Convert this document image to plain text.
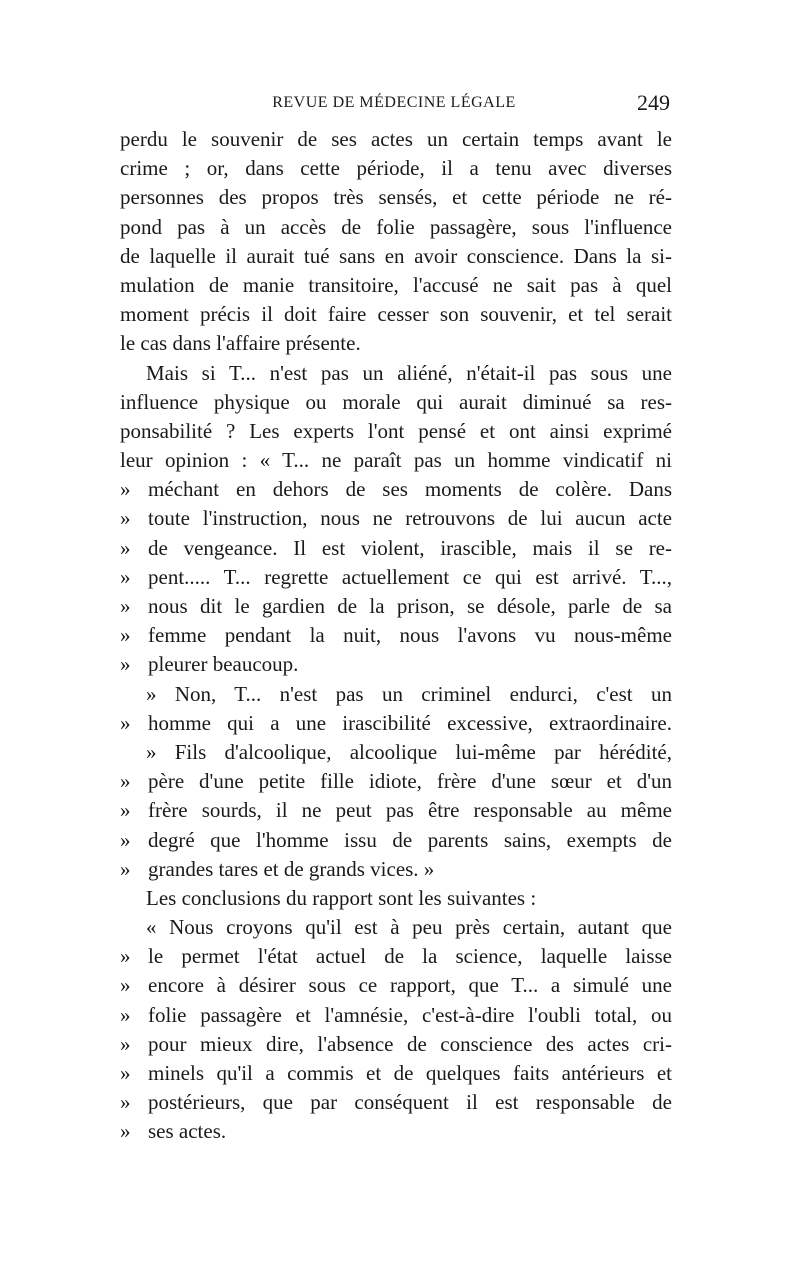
REVUE DE MÉDECINE LÉGALE	249
perdu le souvenir de ses actes un certain temps avant le
crime ; or, dans cette période, il a tenu avec diverses
personnes des propos très sensés, et cette période ne ré-
pond pas à un accès de folie passagère, sous l'influence
de laquelle il aurait tué sans en avoir conscience. Dans la si-
mulation de manie transitoire, l'accusé ne sait pas à quel
moment précis il doit faire cesser son souvenir, et tel serait
le cas dans l'affaire présente.
Mais si T... n'est pas un aliéné, n'était-il pas sous une
influence physique ou morale qui aurait diminué sa res-
ponsabilité ? Les experts l'ont pensé et ont ainsi exprimé
leur opinion : « T... ne paraît pas un homme vindicatif ni
» méchant en dehors de ses moments de colère. Dans
» toute l'instruction, nous ne retrouvons de lui aucun acte
» de vengeance. Il est violent, irascible, mais il se re-
» pent..... T... regrette actuellement ce qui est arrivé. T...,
» nous dit le gardien de la prison, se désole, parle de sa
» femme pendant la nuit, nous l'avons vu nous-même
» pleurer beaucoup.
» Non, T... n'est pas un criminel endurci, c'est un
» homme qui a une irascibilité excessive, extraordinaire.
» Fils d'alcoolique, alcoolique lui-même par hérédité,
» père d'une petite fille idiote, frère d'une sœur et d'un
» frère sourds, il ne peut pas être responsable au même
» degré que l'homme issu de parents sains, exempts de
» grandes tares et de grands vices. »
Les conclusions du rapport sont les suivantes :
« Nous croyons qu'il est à peu près certain, autant que
» le permet l'état actuel de la science, laquelle laisse
» encore à désirer sous ce rapport, que T... a simulé une
» folie passagère et l'amnésie, c'est-à-dire l'oubli total, ou
» pour mieux dire, l'absence de conscience des actes cri-
» minels qu'il a commis et de quelques faits antérieurs et
» postérieurs, que par conséquent il est responsable de
» ses actes.
